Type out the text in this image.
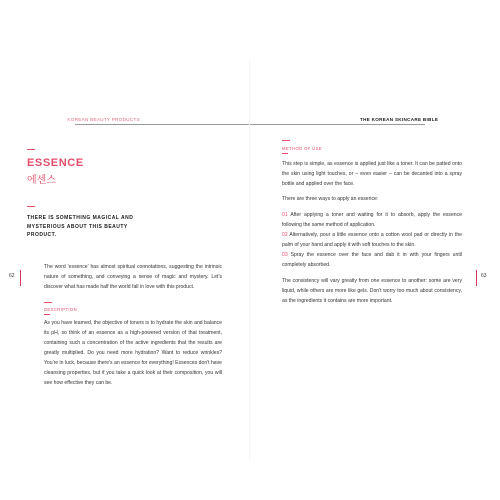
KOREAN BEAUTY PRODUCTS
ESSENCE
에센스
THERE IS SOMETHING MAGICAL AND MYSTERIOUS ABOUT THIS BEAUTY PRODUCT.
62
The word 'essence' has almost spiritual connotations, suggesting the intrinsic nature of something, and conveying a sense of magic and mystery. Let's discover what has made half the world fall in love with this product.
DESCRIPTION
As you have learned, the objective of toners is to hydrate the skin and balance its pH, so think of an essence as a high-powered version of that treatment, containing such a concentration of the active ingredients that the results are greatly multiplied. Do you need more hydration? Want to reduce wrinkles? You're in luck, because there's an essence for everything! Essences don't have cleansing properties, but if you take a quick look at their composition, you will see how effective they can be.
THE KOREAN SKINCARE BIBLE
METHOD OF USE
This step is simple, as essence is applied just like a toner. It can be patted onto the skin using light touches, or – even easier – can be decanted into a spray bottle and applied over the face.
There are three ways to apply an essence:
01 After applying a toner and waiting for it to absorb, apply the essence following the same method of application.
02 Alternatively, pour a little essence onto a cotton wool pad or directly in the palm of your hand and apply it with soft touches to the skin.
03 Spray the essence over the face and dab it in with your fingers until completely absorbed.
The consistency will vary greatly from one essence to another: some are very liquid, while others are more like gels. Don't worry too much about consistency, as the ingredients it contains are more important.
63
